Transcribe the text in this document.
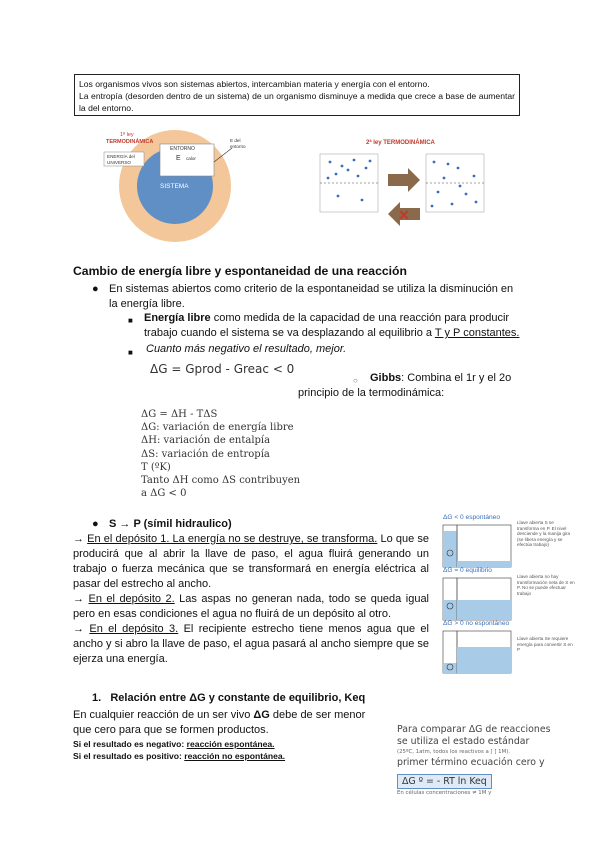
Los organismos vivos son sistemas abiertos, intercambian materia y energía con el entorno.
La entropía (desorden dentro de un sistema) de un organismo disminuye a medida que crece a base de aumentar la del entorno.
1ª ley
TERMODINÁMICA
ENTORNO
E calor
ENERGÍA del
UNIVERSO
SISTEMA
E del
entorno
2ª ley TERMODINÁMICA
✕
Cambio de energía libre y espontaneidad de una reacción
● En sistemas abiertos como criterio de la espontaneidad se utiliza la disminución en
la energía libre.
■ Energía libre como medida de la capacidad de una reacción para producir
trabajo cuando el sistema se va desplazando al equilibrio a T y P constantes.
■ Cuanto más negativo el resultado, mejor.
ΔG = Gprod - Greac < 0
○ Gibbs: Combina el 1r y el 2o
principio de la termodinámica:
ΔG = ΔH - TΔS
ΔG: variación de energía libre
ΔH: variación de entalpía
ΔS: variación de entropía
T (ºK)
Tanto ΔH como ΔS contribuyen
a ΔG < 0
● S → P (símil hidraulico)
→ En el depósito 1. La energía no se destruye, se transforma. Lo que se producirá que al abrir la llave de paso, el agua fluirá generando un trabajo o fuerza mecánica que se transformará en energía eléctrica al pasar del estrecho al ancho.
→ En el depósito 2. Las aspas no generan nada, todo se queda igual pero en esas condiciones el agua no fluirá de un depósito al otro.
→ En el depósito 3. El recipiente estrecho tiene menos agua que el ancho y si abro la llave de paso, el agua pasará al ancho siempre que se ejerza una energía.
ΔG < 0 espontáneo
Llave abierta S se transforma en P. El nivel desciende y la manija gira (se libera energía y se efectúa trabajo)
ΔG = 0 equilibrio
Llave abierta no hay transformación neta de S en P. No se puede efectuar trabajo
ΔG > 0 no espontáneo
Llave abierta Se requiere energía para convertir S en P
1. Relación entre ΔG y constante de equilibrio, Keq
En cualquier reacción de un ser vivo ΔG debe de ser menor
que cero para que se formen productos.
Si el resultado es negativo: reacción espontánea.
Si el resultado es positivo: reacción no espontánea.
Para comparar ΔG de reacciones
se utiliza el estado estándar
(25ºC, 1atm, todos los reactivos a [ ] 1M).
primer término ecuación cero y
ΔG º = - RT ln Keq
En células concentraciones ≠ 1M y
